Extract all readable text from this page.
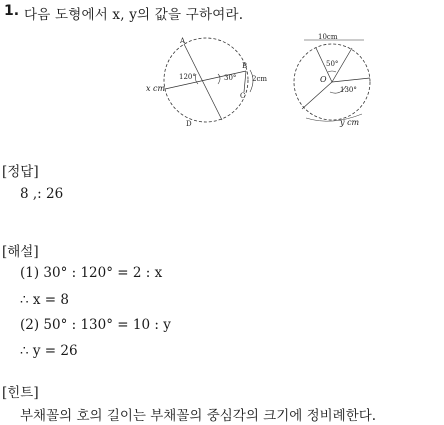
1. 다음 도형에서 x, y의 값을 구하여라.
A
B
C
D
120°	30°
x cm
2cm
10cm
50°
O
130°
y cm
[정답]
8 ,: 26
[해설]
(1) 30° : 120° = 2 : x
∴ x = 8
(2) 50° : 130° = 10 : y
∴ y = 26
[힌트]
부채꼴의 호의 길이는 부채꼴의 중심각의 크기에 정비례한다.
